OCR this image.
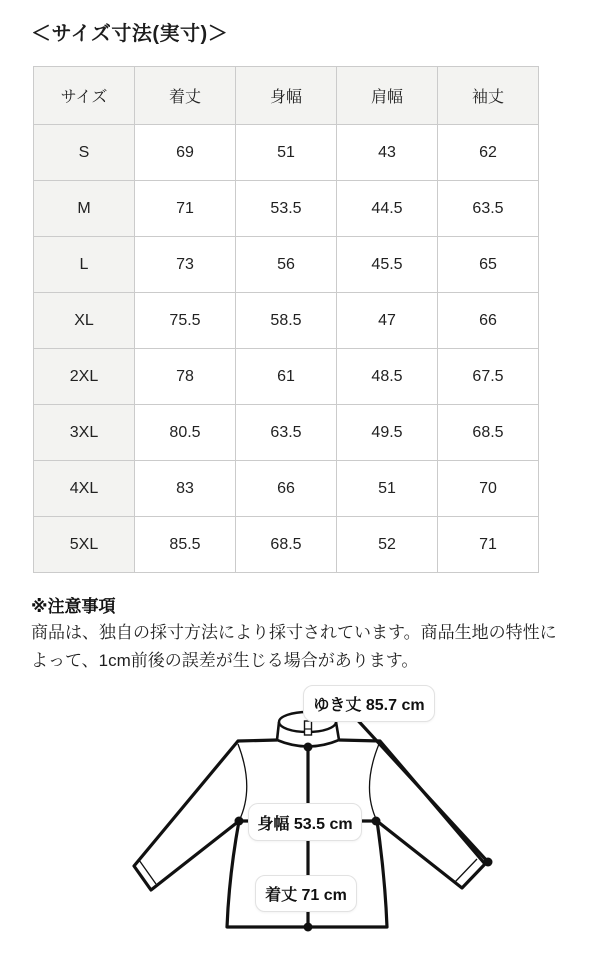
＜サイズ寸法(実寸)＞
サイズ	着丈	身幅	肩幅	袖丈
S	69	51	43	62
M	71	53.5	44.5	63.5
L	73	56	45.5	65
XL	75.5	58.5	47	66
2XL	78	61	48.5	67.5
3XL	80.5	63.5	49.5	68.5
4XL	83	66	51	70
5XL	85.5	68.5	52	71

※注意事項

商品は、独自の採寸方法により採寸されています。商品生地の特性によって、1cm前後の誤差が生じる場合があります。

ゆき丈 85.7 cm
身幅 53.5 cm
着丈 71 cm
